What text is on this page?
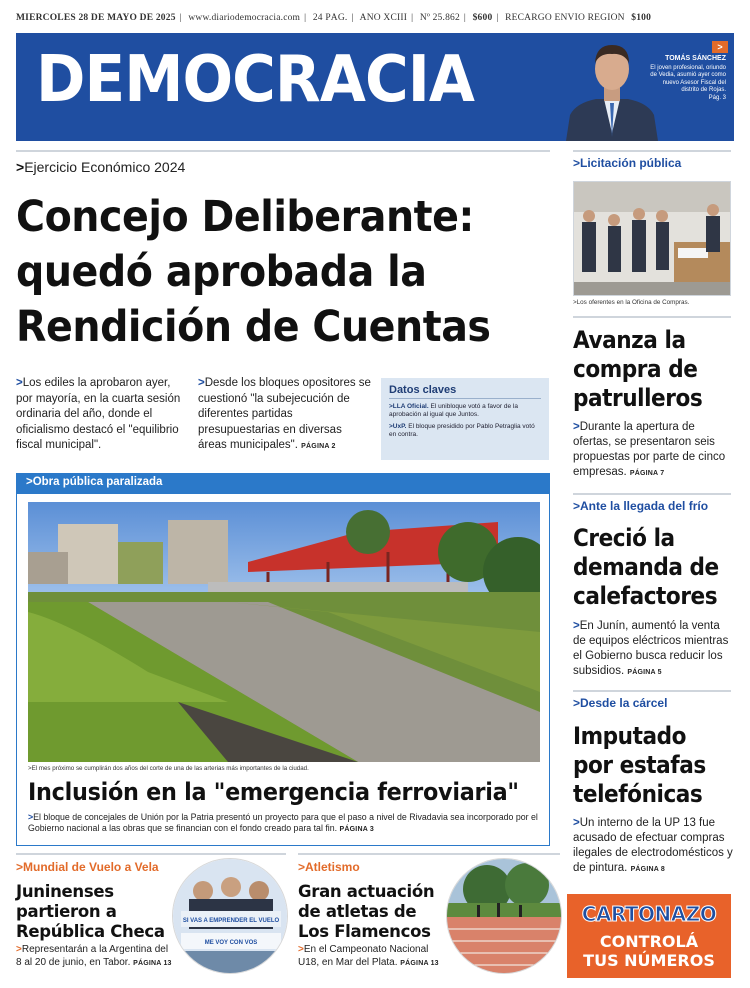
MIÉRCOLES 28 DE MAYO DE 2025 | www.diariodemocracia.com | 24 PÁG. | AÑO XCIII | Nº 25.862 | $600 | RECARGO ENVÍO REGIÓN $100
DEMOCRACIA	>
TOMÁS SÁNCHEZ
El joven profesional, oriundo de Vedia, asumió ayer como nuevo Asesor Fiscal del distrito de Rojas.
Pág. 3
>Ejercicio Económico 2024
Concejo Deliberante:
quedó aprobada la
Rendición de Cuentas
>Los ediles la aprobaron ayer, por mayoría, en la cuarta sesión ordinaria del año, donde el oficialismo destacó el "equilibrio fiscal municipal".
>Desde los bloques opositores se cuestionó "la subejecución de diferentes partidas presupuestarias en diversas áreas municipales". PÁGINA 2
Datos claves

>LLA Oficial. El unibloque votó a favor de la aprobación al igual que Juntos.

>UxP. El bloque presidido por Pablo Petraglia votó en contra.

>Obra pública paralizada
>El mes próximo se cumplirán dos años del corte de una de las arterias más importantes de la ciudad.
Inclusión en la "emergencia ferroviaria"
>El bloque de concejales de Unión por la Patria presentó un proyecto para que el paso a nivel de Rivadavia sea incorporado por el Gobierno nacional a las obras que se financian con el fondo creado para tal fin. PÁGINA 3
>Mundial de Vuelo a Vela
Juninenses
partieron a
República Checa
>Representarán a la Argentina del 8 al 20 de junio, en Tabor. PÁGINA 13
SI VAS A EMPRENDER EL VUELO
ME VOY CON VOS
>Atletismo
Gran actuación
de atletas de
Los Flamencos
>En el Campeonato Nacional U18, en Mar del Plata. PÁGINA 13
>Licitación pública
>Los oferentes en la Oficina de Compras.
Avanza la
compra de
patrulleros
>Durante la apertura de ofertas, se presentaron seis propuestas por parte de cinco empresas. PÁGINA 7
>Ante la llegada del frío
Creció la
demanda de
calefactores
>En Junín, aumentó la venta de equipos eléctricos mientras el Gobierno busca reducir los subsidios. PÁGINA 5
>Desde la cárcel
Imputado
por estafas
telefónicas
>Un interno de la UP 13 fue acusado de efectuar compras ilegales de electrodomésticos y de pintura. PÁGINA 8
CARTONAZO
CONTROLÁ
TUS NÚMEROS
